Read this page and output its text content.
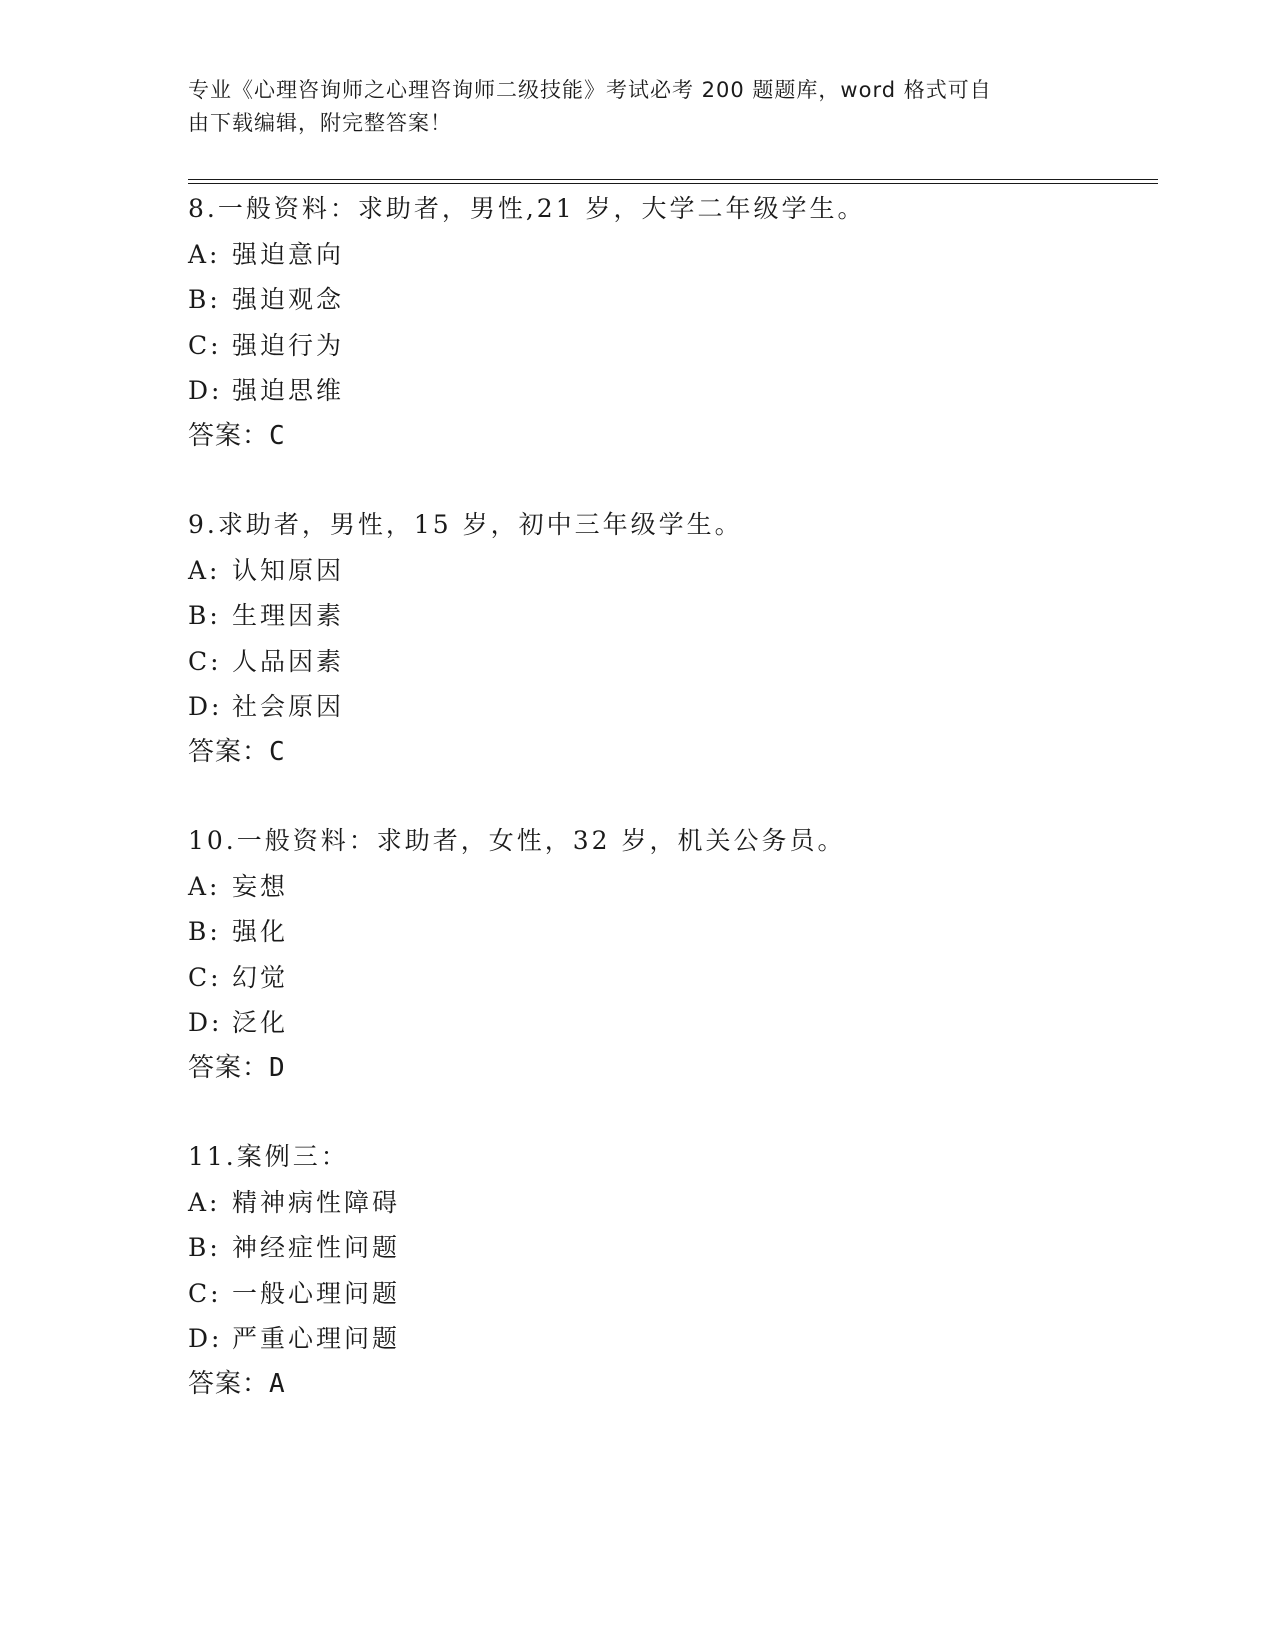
专业《心理咨询师之心理咨询师二级技能》考试必考 200 题题库，word 格式可自
由下载编辑，附完整答案！
8.一般资料：求助者，男性,21 岁，大学二年级学生。
A: 强迫意向
B: 强迫观念
C: 强迫行为
D: 强迫思维
答案：C
9.求助者，男性，15 岁，初中三年级学生。
A: 认知原因
B: 生理因素
C: 人品因素
D: 社会原因
答案：C
10.一般资料：求助者，女性，32 岁，机关公务员。
A: 妄想
B: 强化
C: 幻觉
D: 泛化
答案：D
11.案例三：
A: 精神病性障碍
B: 神经症性问题
C: 一般心理问题
D: 严重心理问题
答案：A
